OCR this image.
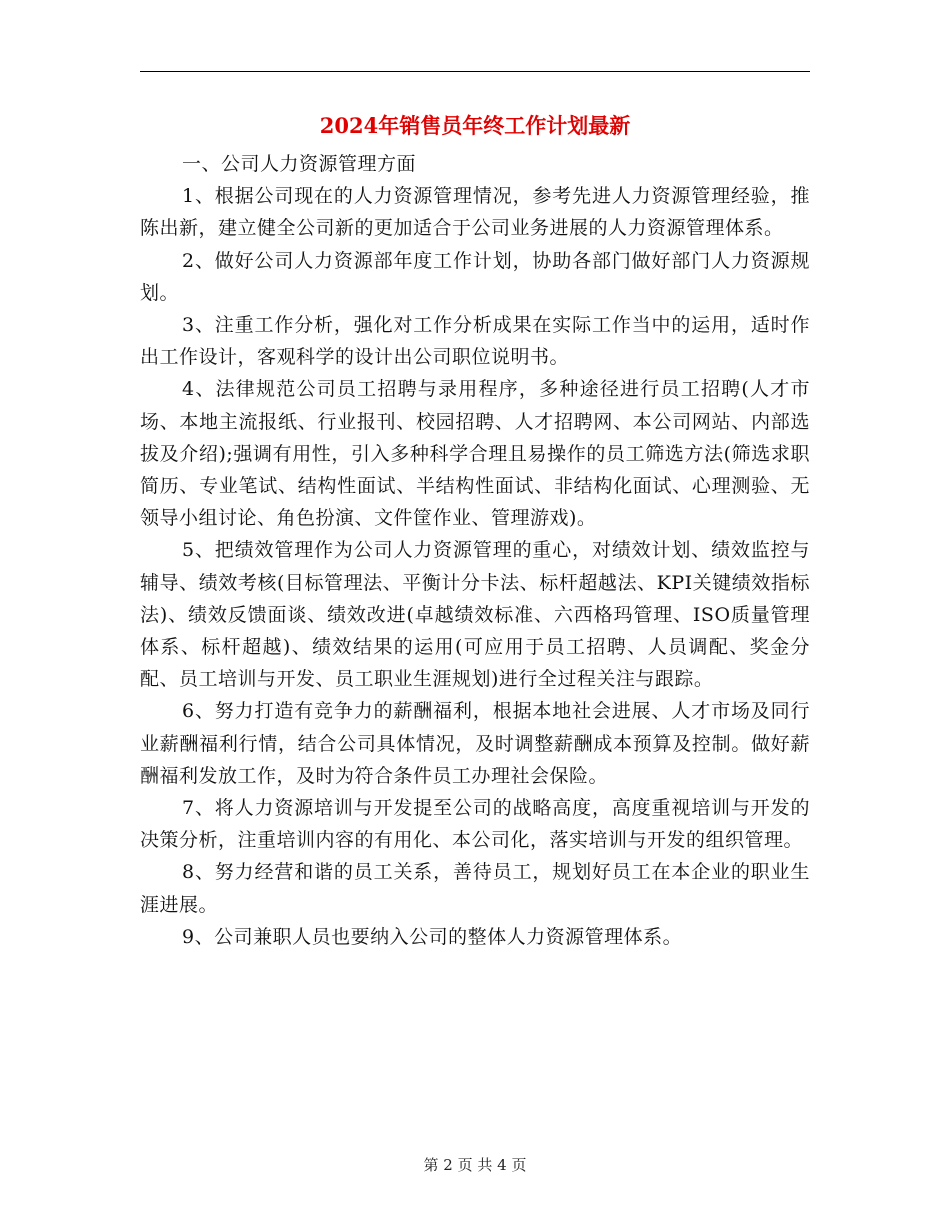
2024年销售员年终工作计划最新

一、公司人力资源管理方面

1、根据公司现在的人力资源管理情况，参考先进人力资源管理经验，推陈出新，建立健全公司新的更加适合于公司业务进展的人力资源管理体系。

2、做好公司人力资源部年度工作计划，协助各部门做好部门人力资源规划。

3、注重工作分析，强化对工作分析成果在实际工作当中的运用，适时作出工作设计，客观科学的设计出公司职位说明书。

4、法律规范公司员工招聘与录用程序，多种途径进行员工招聘(人才市场、本地主流报纸、行业报刊、校园招聘、人才招聘网、本公司网站、内部选拔及介绍);强调有用性，引入多种科学合理且易操作的员工筛选方法(筛选求职简历、专业笔试、结构性面试、半结构性面试、非结构化面试、心理测验、无领导小组讨论、角色扮演、文件筐作业、管理游戏)。

5、把绩效管理作为公司人力资源管理的重心，对绩效计划、绩效监控与辅导、绩效考核(目标管理法、平衡计分卡法、标杆超越法、KPI关键绩效指标法)、绩效反馈面谈、绩效改进(卓越绩效标准、六西格玛管理、ISO质量管理体系、标杆超越)、绩效结果的运用(可应用于员工招聘、人员调配、奖金分配、员工培训与开发、员工职业生涯规划)进行全过程关注与跟踪。

6、努力打造有竞争力的薪酬福利，根据本地社会进展、人才市场及同行业薪酬福利行情，结合公司具体情况，及时调整薪酬成本预算及控制。做好薪酬福利发放工作，及时为符合条件员工办理社会保险。

7、将人力资源培训与开发提至公司的战略高度，高度重视培训与开发的决策分析，注重培训内容的有用化、本公司化，落实培训与开发的组织管理。

8、努力经营和谐的员工关系，善待员工，规划好员工在本企业的职业生涯进展。

9、公司兼职人员也要纳入公司的整体人力资源管理体系。

第 2 页 共 4 页
